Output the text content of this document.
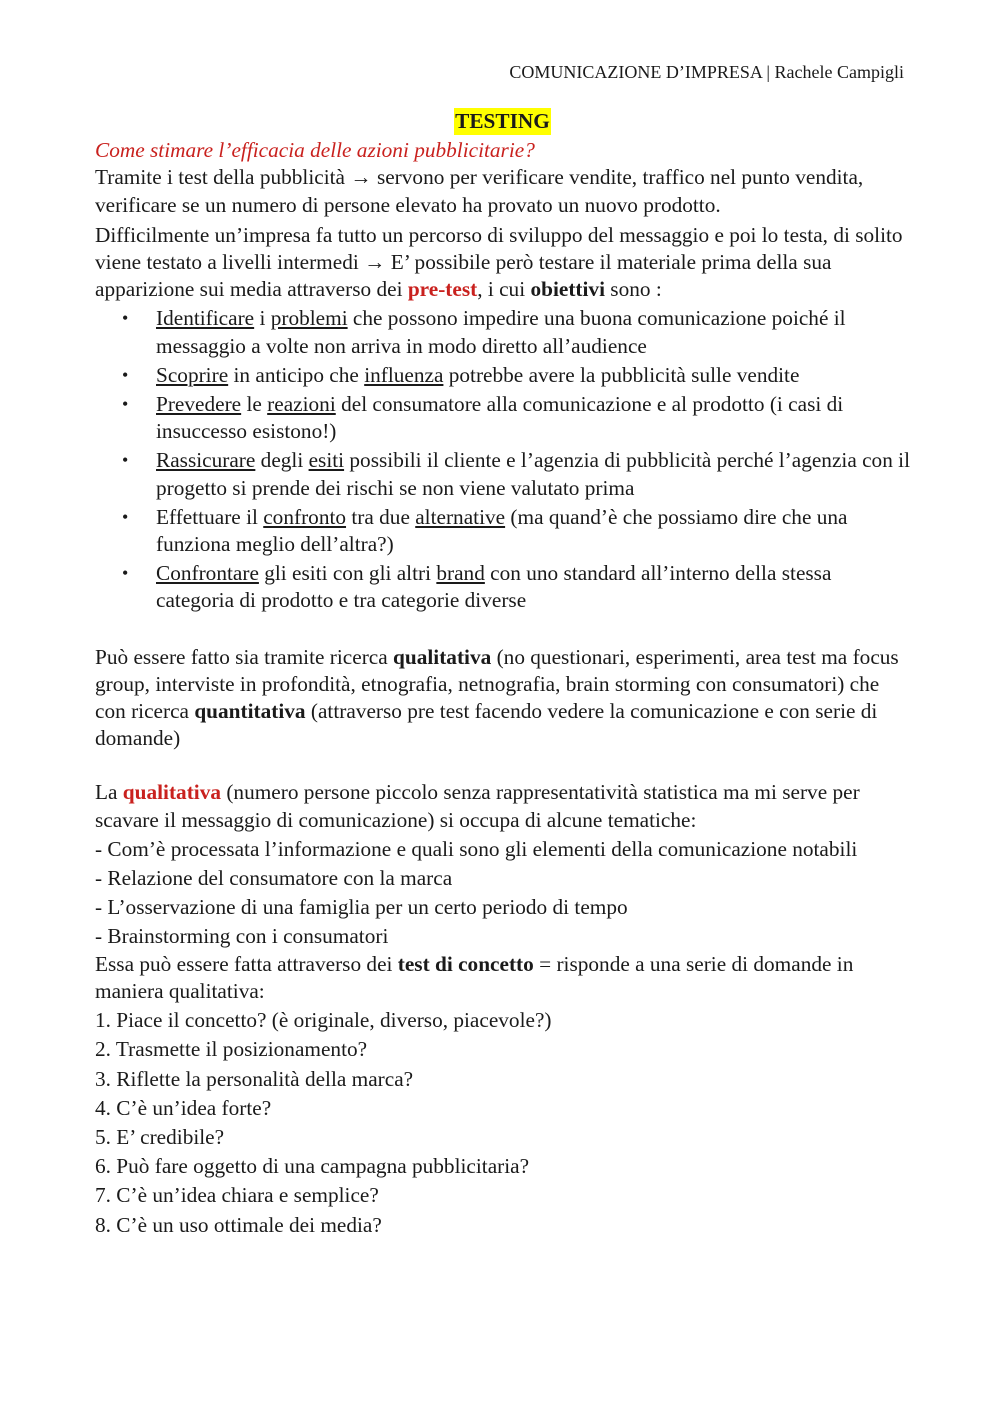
COMUNICAZIONE D’IMPRESA | Rachele Campigli
TESTING

Come stimare l’efficacia delle azioni pubblicitarie?

Tramite i test della pubblicità → servono per verificare vendite, traffico nel punto vendita, verificare se un numero di persone elevato ha provato un nuovo prodotto.

Difficilmente un’impresa fa tutto un percorso di sviluppo del messaggio e poi lo testa, di solito viene testato a livelli intermedi → E’ possibile però testare il materiale prima della sua apparizione sui media attraverso dei pre-test, i cui obiettivi sono :

• Identificare i problemi che possono impedire una buona comunicazione poiché il messaggio a volte non arriva in modo diretto all’audience
• Scoprire in anticipo che influenza potrebbe avere la pubblicità sulle vendite
• Prevedere le reazioni del consumatore alla comunicazione e al prodotto (i casi di insuccesso esistono!)
• Rassicurare degli esiti possibili il cliente e l’agenzia di pubblicità perché l’agenzia con il progetto si prende dei rischi se non viene valutato prima
• Effettuare il confronto tra due alternative (ma quand’è che possiamo dire che una funziona meglio dell’altra?)
• Confrontare gli esiti con gli altri brand con uno standard all’interno della stessa categoria di prodotto e tra categorie diverse

Può essere fatto sia tramite ricerca qualitativa (no questionari, esperimenti, area test ma focus group, interviste in profondità, etnografia, netnografia, brain storming con consumatori) che con ricerca quantitativa (attraverso pre test facendo vedere la comunicazione e con serie di domande)

La qualitativa (numero persone piccolo senza rappresentatività statistica ma mi serve per scavare il messaggio di comunicazione) si occupa di alcune tematiche:

- Com’è processata l’informazione e quali sono gli elementi della comunicazione notabili

- Relazione del consumatore con la marca

- L’osservazione di una famiglia per un certo periodo di tempo

- Brainstorming con i consumatori

Essa può essere fatta attraverso dei test di concetto = risponde a una serie di domande in maniera qualitativa:

1. Piace il concetto? (è originale, diverso, piacevole?)

2. Trasmette il posizionamento?

3. Riflette la personalità della marca?

4. C’è un’idea forte?

5. E’ credibile?

6. Può fare oggetto di una campagna pubblicitaria?

7. C’è un’idea chiara e semplice?

8. C’è un uso ottimale dei media?
